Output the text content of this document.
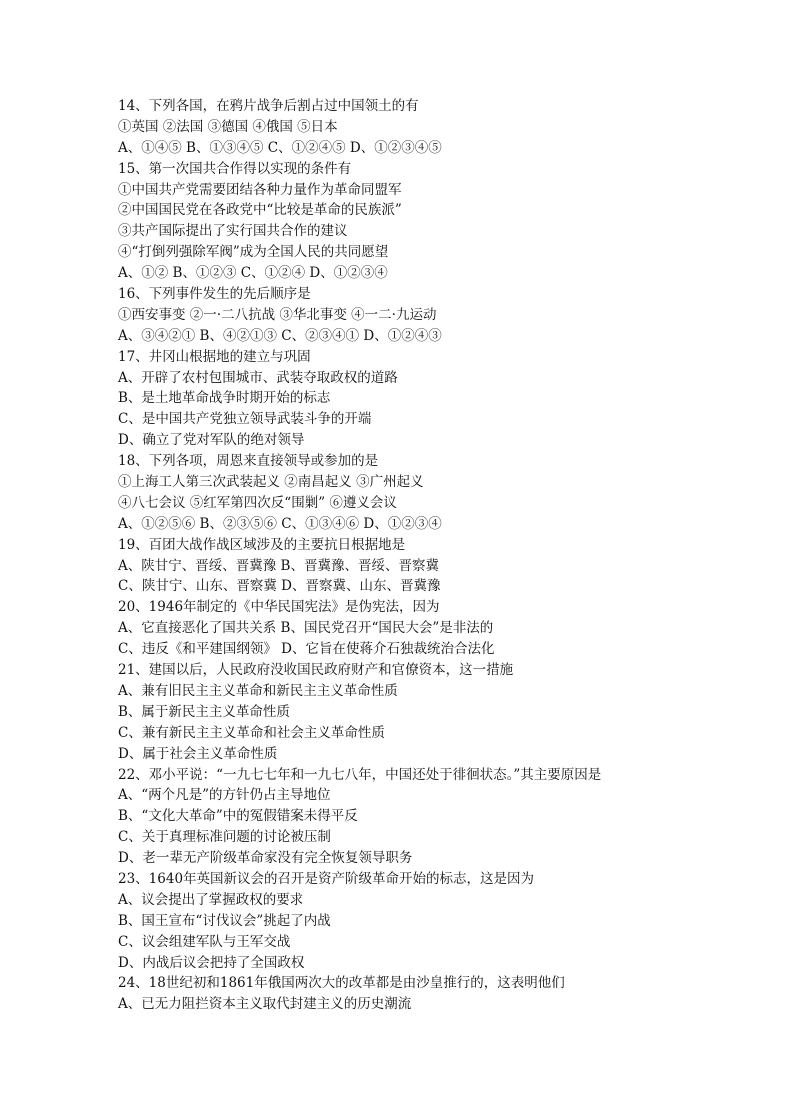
14、下列各国，在鸦片战争后割占过中国领土的有
①英国 ②法国 ③德国 ④俄国 ⑤日本
A、①④⑤ B、①③④⑤ C、①②④⑤ D、①②③④⑤
15、第一次国共合作得以实现的条件有
①中国共产党需要团结各种力量作为革命同盟军
②中国国民党在各政党中“比较是革命的民族派”
③共产国际提出了实行国共合作的建议
④“打倒列强除军阀”成为全国人民的共同愿望
A、①② B、①②③ C、①②④ D、①②③④
16、下列事件发生的先后顺序是
①西安事变 ②一·二八抗战 ③华北事变 ④一二·九运动
A、③④②① B、④②①③ C、②③④① D、①②④③
17、井冈山根据地的建立与巩固
A、开辟了农村包围城市、武装夺取政权的道路
B、是土地革命战争时期开始的标志
C、是中国共产党独立领导武装斗争的开端
D、确立了党对军队的绝对领导
18、下列各项，周恩来直接领导或参加的是
①上海工人第三次武装起义 ②南昌起义 ③广州起义
④八七会议 ⑤红军第四次反“围剿” ⑥遵义会议
A、①②⑤⑥ B、②③⑤⑥ C、①③④⑥ D、①②③④
19、百团大战作战区域涉及的主要抗日根据地是
A、陕甘宁、晋绥、晋冀豫 B、晋冀豫、晋绥、晋察冀
C、陕甘宁、山东、晋察冀 D、晋察冀、山东、晋冀豫
20、1946年制定的《中华民国宪法》是伪宪法，因为
A、它直接恶化了国共关系 B、国民党召开“国民大会”是非法的
C、违反《和平建国纲领》 D、它旨在使蒋介石独裁统治合法化
21、建国以后，人民政府没收国民政府财产和官僚资本，这一措施
A、兼有旧民主主义革命和新民主主义革命性质
B、属于新民主主义革命性质
C、兼有新民主主义革命和社会主义革命性质
D、属于社会主义革命性质
22、邓小平说：“一九七七年和一九七八年，中国还处于徘徊状态。”其主要原因是
A、“两个凡是”的方针仍占主导地位
B、“文化大革命”中的冤假错案未得平反
C、关于真理标准问题的讨论被压制
D、老一辈无产阶级革命家没有完全恢复领导职务
23、1640年英国新议会的召开是资产阶级革命开始的标志，这是因为
A、议会提出了掌握政权的要求
B、国王宣布“讨伐议会”挑起了内战
C、议会组建军队与王军交战
D、内战后议会把持了全国政权
24、18世纪初和1861年俄国两次大的改革都是由沙皇推行的，这表明他们
A、已无力阻拦资本主义取代封建主义的历史潮流
